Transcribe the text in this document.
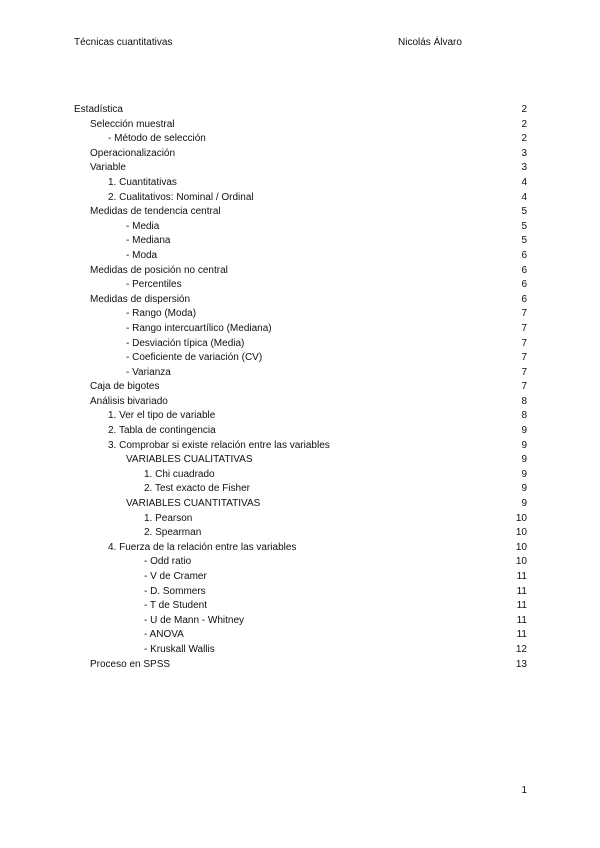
Técnicas cuantitativas	Nicolás Álvaro
Estadística	2
Selección muestral	2
- Método de selección	2
Operacionalización	3
Variable	3
1. Cuantitativas	4
2. Cualitativos: Nominal / Ordinal	4
Medidas de tendencia central	5
- Media	5
- Mediana	5
- Moda	6
Medidas de posición no central	6
- Percentiles	6
Medidas de dispersión	6
- Rango (Moda)	7
- Rango intercuartílico (Mediana)	7
- Desviación típica (Media)	7
- Coeficiente de variación (CV)	7
- Varianza	7
Caja de bigotes	7
Análisis bivariado	8
1. Ver el tipo de variable	8
2. Tabla de contingencia	9
3. Comprobar si existe relación entre las variables	9
VARIABLES CUALITATIVAS	9
1. Chi cuadrado	9
2. Test exacto de Fisher	9
VARIABLES CUANTITATIVAS	9
1. Pearson	10
2. Spearman	10
4. Fuerza de la relación entre las variables	10
- Odd ratio	10
- V de Cramer	11
- D. Sommers	11
- T de Student	11
- U de Mann - Whitney	11
- ANOVA	11
- Kruskall Wallis	12
Proceso en SPSS	13
1
